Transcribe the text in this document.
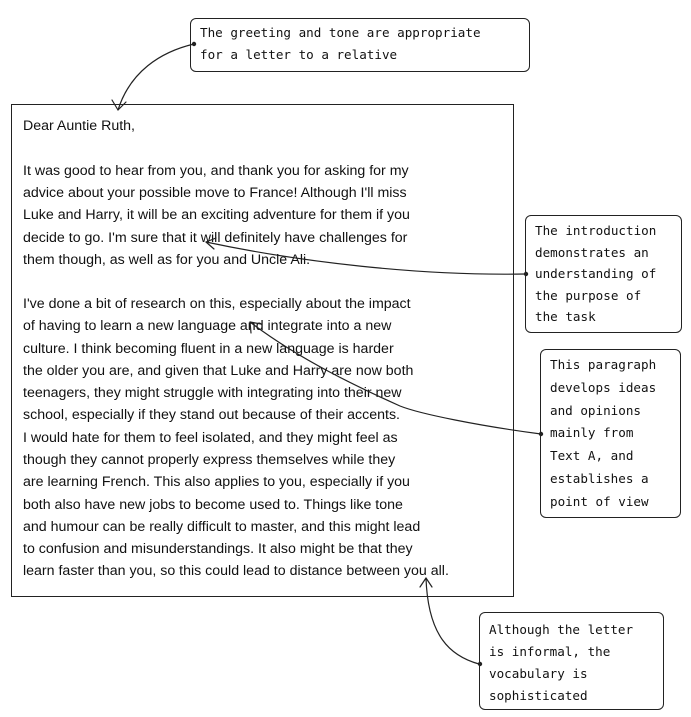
Dear Auntie Ruth,

It was good to hear from you, and thank you for asking for my

advice about your possible move to France! Although I'll miss

Luke and Harry, it will be an exciting adventure for them if you

decide to go. I'm sure that it will definitely have challenges for

them though, as well as for you and Uncle Ali.

I've done a bit of research on this, especially about the impact

of having to learn a new language and integrate into a new

culture. I think becoming fluent in a new language is harder

the older you are, and given that Luke and Harry are now both

teenagers, they might struggle with integrating into their new

school, especially if they stand out because of their accents.

I would hate for them to feel isolated, and they might feel as

though they cannot properly express themselves while they

are learning French. This also applies to you, especially if you

both also have new jobs to become used to. Things like tone

and humour can be really difficult to master, and this might lead

to confusion and misunderstandings. It also might be that they

learn faster than you, so this could lead to distance between you all.

The greeting and tone are appropriate
for a letter to a relative
The introduction
demonstrates an
understanding of
the purpose of
the task
This paragraph
develops ideas
and opinions
mainly from
Text A, and
establishes a
point of view
Although the letter
is informal, the
vocabulary is
sophisticated
